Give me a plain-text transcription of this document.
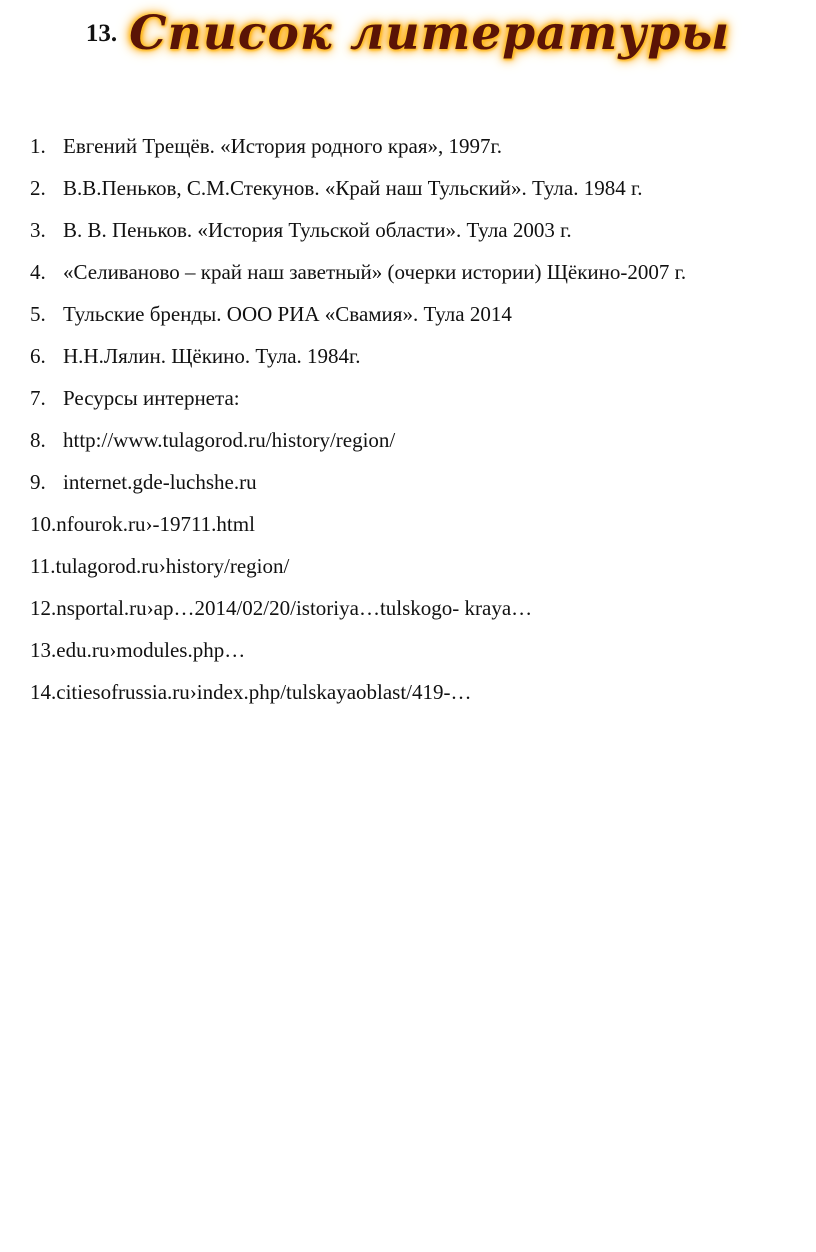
13. Список литературы
1. Евгений Трещёв. «История родного края», 1997г.
2. В.В.Пеньков, С.М.Стекунов. «Край наш Тульский». Тула. 1984 г.
3. В. В. Пеньков. «История Тульской области». Тула 2003 г.
4. «Селиваново – край наш заветный» (очерки истории) Щёкино-2007 г.
5. Тульские бренды. ООО РИА «Свамия». Тула 2014
6. Н.Н.Лялин. Щёкино. Тула. 1984г.
7. Ресурсы интернета:
8. http://www.tulagorod.ru/history/region/
9. internet.gde-luchshe.ru
10.nfourok.ru›-19711.html
11.tulagorod.ru›history/region/
12.nsportal.ru›ap…2014/02/20/istoriya…tulskogo- kraya…
13.edu.ru›modules.php…
14.citiesofrussia.ru›index.php/tulskayaoblast/419-…
